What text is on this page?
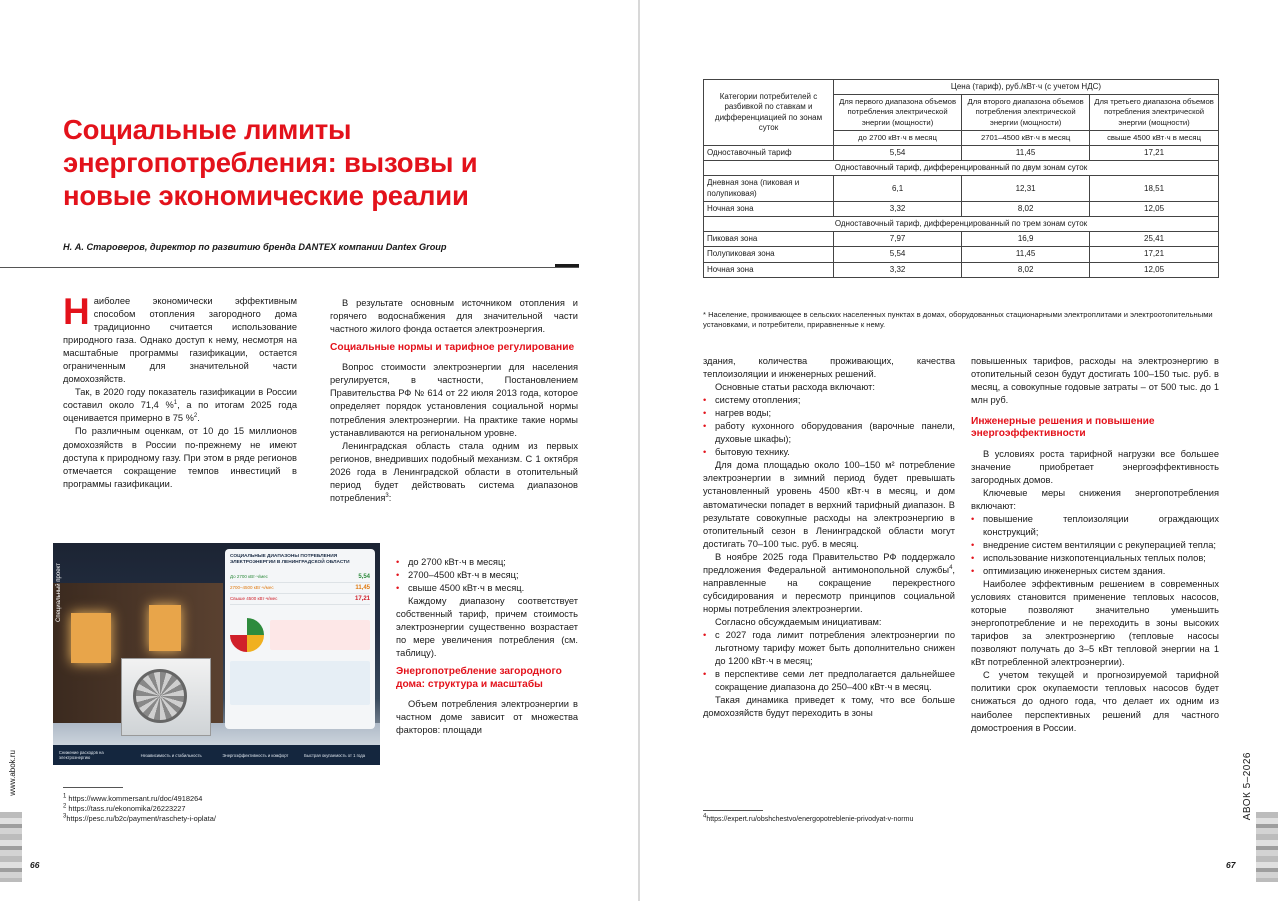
Социальные лимиты энергопотребления: вызовы и новые экономические реалии
Н. А. Староверов, директор по развитию бренда DANTEX компании Dantex Group

Наиболее экономически эффективным способом отопления загородного дома традиционно считается использование природного газа. Однако доступ к нему, несмотря на масштабные программы газификации, остается ограниченным для значительной части домохозяйств.

Так, в 2020 году показатель газификации в России составил около 71,4 %$^1$, а по итогам 2025 года оценивается примерно в 75 %$^2$.

По различным оценкам, от 10 до 15 миллионов домохозяйств в России по-прежнему не имеют доступа к природному газу. При этом в ряде регионов отмечается сокращение темпов инвестиций в программы газификации.

В результате основным источником отопления и горячего водоснабжения для значительной части частного жилого фонда остается электроэнергия.

Социальные нормы и тарифное регулирование

Вопрос стоимости электроэнергии для населения регулируется, в частности, Постановлением Правительства РФ № 614 от 22 июля 2013 года, которое определяет порядок установления социальной нормы потребления электроэнергии. На практике такие нормы устанавливаются на региональном уровне.

Ленинградская область стала одним из первых регионов, внедривших подобный механизм. С 1 октября 2026 года в Ленинградской области в отопительный период будет действовать система диапазонов потребления$^3$:

• до 2700 кВт·ч в месяц;
• 2700–4500 кВт·ч в месяц;
• свыше 4500 кВт·ч в месяц.

Каждому диапазону соответствует собственный тариф, причем стоимость электроэнергии существенно возрастает по мере увеличения потребления (см. таблицу).

Энергопотребление загородного дома: структура и масштабы

Объем потребления электроэнергии в частном доме зависит от множества факторов: площади

Специальный проект
СОЦИАЛЬНЫЕ ДИАПАЗОНЫ ПОТРЕБЛЕНИЯ ЭЛЕКТРОЭНЕРГИИ В ЛЕНИНГРАДСКОЙ ОБЛАСТИ
До 2700 кВт·ч/мес	5,54
2700–4500 кВт·ч/мес	11,45
Свыше 4500 кВт·ч/мес	17,21
Снижение расходов на электроэнергию	Независимость и стабильность	Энергоэффективность и комфорт	Быстрая окупаемость от 1 года
$^1$ https://www.kommersant.ru/doc/4918264
$^2$ https://tass.ru/ekonomika/26223227
$^3$https://pesc.ru/b2c/payment/raschety-i-oplata/
www.abok.ru
66
Категории потребителей с разбивкой по ставкам и дифференциацией по зонам суток	Цена (тариф), руб./кВт·ч (с учетом НДС)		
	Для первого диапазона объемов потребления электрической энергии (мощности)	Для второго диапазона объемов потребления электрической энергии (мощности)	Для третьего диапазона объемов потребления электрической энергии (мощности)
	до 2700 кВт·ч в месяц	2701–4500 кВт·ч в месяц	свыше 4500 кВт·ч в месяц
Одноставочный тариф	5,54	11,45	17,21
Одноставочный тариф, дифференцированный по двум зонам суток			
Дневная зона (пиковая и полупиковая)	6,1	12,31	18,51
Ночная зона	3,32	8,02	12,05
Одноставочный тариф, дифференцированный по трем зонам суток			
Пиковая зона	7,97	16,9	25,41
Полупиковая зона	5,54	11,45	17,21
Ночная зона	3,32	8,02	12,05
* Население, проживающее в сельских населенных пунктах в домах, оборудованных стационарными электроплитами и электроотопительными установками, и потребители, приравненные к нему.

здания, количества проживающих, качества теплоизоляции и инженерных решений.

Основные статьи расхода включают:

• систему отопления;
• нагрев воды;
• работу кухонного оборудования (варочные панели, духовые шкафы);
• бытовую технику.

Для дома площадью около 100–150 м² потребление электроэнергии в зимний период будет превышать установленный уровень 4500 кВт·ч в месяц, и дом автоматически попадет в верхний тарифный диапазон. В результате совокупные расходы на электроэнергию в отопительный сезон в Ленинградской области могут достигать 70–100 тыс. руб. в месяц.

В ноябре 2025 года Правительство РФ поддержало предложения Федеральной антимонопольной службы$^4$, направленные на сокращение перекрестного субсидирования и пересмотр принципов социальной нормы потребления электроэнергии.

Согласно обсуждаемым инициативам:

• с 2027 года лимит потребления электроэнергии по льготному тарифу может быть дополнительно снижен до 1200 кВт·ч в месяц;
• в перспективе семи лет предполагается дальнейшее сокращение диапазона до 250–400 кВт·ч в месяц.

Такая динамика приведет к тому, что все больше домохозяйств будут переходить в зоны

повышенных тарифов, расходы на электроэнергию в отопительный сезон будут достигать 100–150 тыс. руб. в месяц, а совокупные годовые затраты – от 500 тыс. до 1 млн руб.

Инженерные решения и повышение энергоэффективности

В условиях роста тарифной нагрузки все большее значение приобретает энергоэффективность загородных домов.

Ключевые меры снижения энергопотребления включают:

• повышение теплоизоляции ограждающих конструкций;
• внедрение систем вентиляции с рекуперацией тепла;
• использование низкопотенциальных теплых полов;
• оптимизацию инженерных систем здания.

Наиболее эффективным решением в современных условиях становится применение тепловых насосов, которые позволяют значительно уменьшить энергопотребление и не переходить в зоны высоких тарифов за электроэнергию (тепловые насосы позволяют получать до 3–5 кВт тепловой энергии на 1 кВт потребленной электроэнергии).

С учетом текущей и прогнозируемой тарифной политики срок окупаемости тепловых насосов будет снижаться до одного года, что делает их одним из наиболее перспективных решений для частного домостроения в России.

$^4$https://expert.ru/obshchestvo/energopotreblenie-privodyat-v-normu	АВОК 5–2026
67
